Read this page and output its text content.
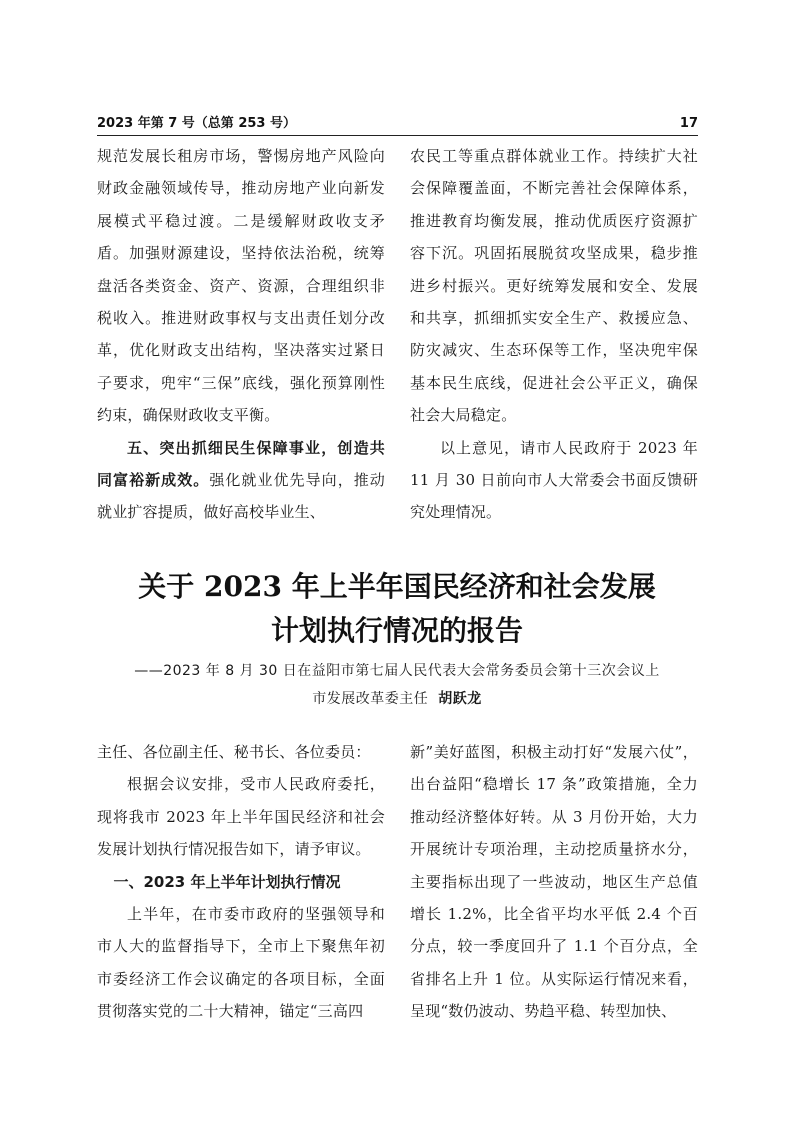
2023 年第 7 号（总第 253 号）	17

规范发展长租房市场，警惕房地产风险向财政金融领域传导，推动房地产业向新发展模式平稳过渡。二是缓解财政收支矛盾。加强财源建设，坚持依法治税，统筹盘活各类资金、资产、资源，合理组织非税收入。推进财政事权与支出责任划分改革，优化财政支出结构，坚决落实过紧日子要求，兜牢“三保”底线，强化预算刚性约束，确保财政收支平衡。

五、突出抓细民生保障事业，创造共同富裕新成效。强化就业优先导向，推动就业扩容提质，做好高校毕业生、

农民工等重点群体就业工作。持续扩大社会保障覆盖面，不断完善社会保障体系，推进教育均衡发展，推动优质医疗资源扩容下沉。巩固拓展脱贫攻坚成果，稳步推进乡村振兴。更好统筹发展和安全、发展和共享，抓细抓实安全生产、救援应急、防灾减灾、生态环保等工作，坚决兜牢保基本民生底线，促进社会公平正义，确保社会大局稳定。

以上意见，请市人民政府于 2023 年 11 月 30 日前向市人大常委会书面反馈研究处理情况。

关于 2023 年上半年国民经济和社会发展
计划执行情况的报告
——2023 年 8 月 30 日在益阳市第七届人民代表大会常务委员会第十三次会议上
市发展改革委主任 胡跃龙

主任、各位副主任、秘书长、各位委员：

根据会议安排，受市人民政府委托，现将我市 2023 年上半年国民经济和社会发展计划执行情况报告如下，请予审议。

一、2023 年上半年计划执行情况

上半年，在市委市政府的坚强领导和市人大的监督指导下，全市上下聚焦年初市委经济工作会议确定的各项目标，全面贯彻落实党的二十大精神，锚定“三高四

新”美好蓝图，积极主动打好“发展六仗”，出台益阳“稳增长 17 条”政策措施，全力推动经济整体好转。从 3 月份开始，大力开展统计专项治理，主动挖质量挤水分，主要指标出现了一些波动，地区生产总值增长 1.2%，比全省平均水平低 2.4 个百分点，较一季度回升了 1.1 个百分点，全省排名上升 1 位。从实际运行情况来看，呈现“数仍波动、势趋平稳、转型加快、
